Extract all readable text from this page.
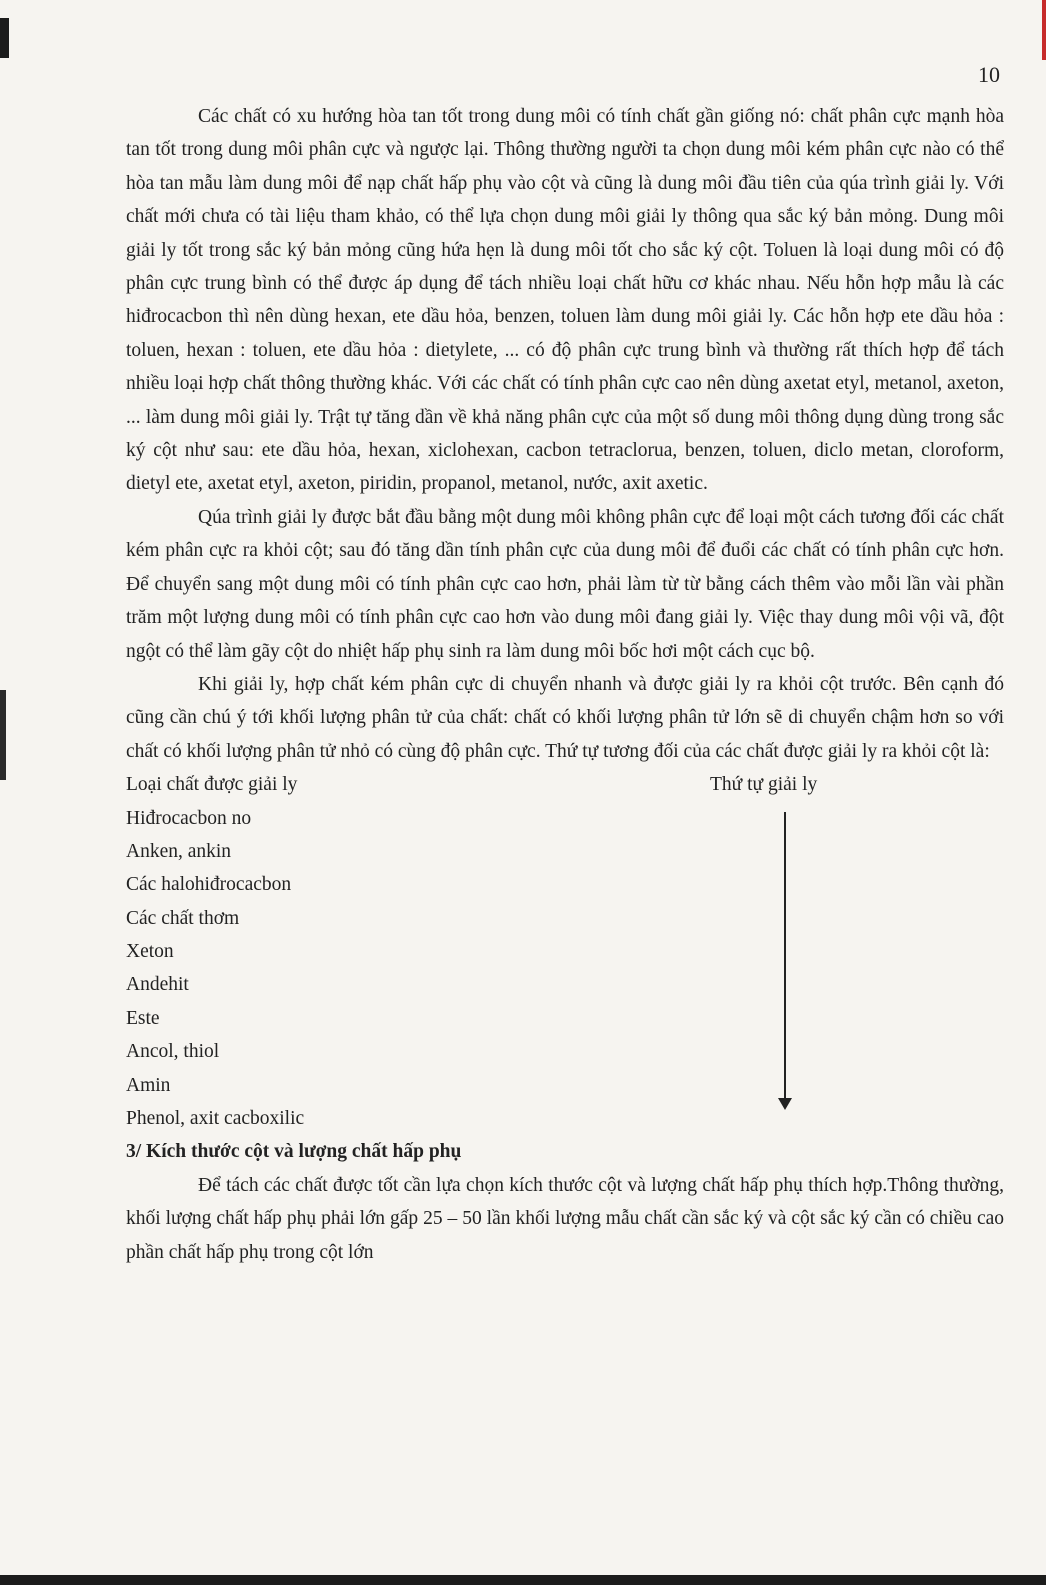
10

Các chất có xu hướng hòa tan tốt trong dung môi có tính chất gần giống nó: chất phân cực mạnh hòa tan tốt trong dung môi phân cực và ngược lại. Thông thường người ta chọn dung môi kém phân cực nào có thể hòa tan mẫu làm dung môi để nạp chất hấp phụ vào cột và cũng là dung môi đầu tiên của qúa trình giải ly. Với chất mới chưa có tài liệu tham khảo, có thể lựa chọn dung môi giải ly thông qua sắc ký bản mỏng. Dung môi giải ly tốt trong sắc ký bản mỏng cũng hứa hẹn là dung môi tốt cho sắc ký cột. Toluen là loại dung môi có độ phân cực trung bình có thể được áp dụng để tách nhiều loại chất hữu cơ khác nhau. Nếu hỗn hợp mẫu là các hiđrocacbon thì nên dùng hexan, ete dầu hỏa, benzen, toluen làm dung môi giải ly. Các hỗn hợp ete dầu hỏa : toluen, hexan : toluen, ete dầu hỏa : dietylete, ... có độ phân cực trung bình và thường rất thích hợp để tách nhiều loại hợp chất thông thường khác. Với các chất có tính phân cực cao nên dùng axetat etyl, metanol, axeton, ... làm dung môi giải ly. Trật tự tăng dần về khả năng phân cực của một số dung môi thông dụng dùng trong sắc ký cột như sau: ete dầu hỏa, hexan, xiclohexan, cacbon tetraclorua, benzen, toluen, diclo metan, cloroform, dietyl ete, axetat etyl, axeton, piridin, propanol, metanol, nước, axit axetic.

Qúa trình giải ly được bắt đầu bằng một dung môi không phân cực để loại một cách tương đối các chất kém phân cực ra khỏi cột; sau đó tăng dần tính phân cực của dung môi để đuổi các chất có tính phân cực hơn. Để chuyển sang một dung môi có tính phân cực cao hơn, phải làm từ từ bằng cách thêm vào mỗi lần vài phần trăm một lượng dung môi có tính phân cực cao hơn vào dung môi đang giải ly. Việc thay dung môi vội vã, đột ngột có thể làm gãy cột do nhiệt hấp phụ sinh ra làm dung môi bốc hơi một cách cục bộ.

Khi giải ly, hợp chất kém phân cực di chuyển nhanh và được giải ly ra khỏi cột trước. Bên cạnh đó cũng cần chú ý tới khối lượng phân tử của chất: chất có khối lượng phân tử lớn sẽ di chuyển chậm hơn so với chất có khối lượng phân tử nhỏ có cùng độ phân cực. Thứ tự tương đối của các chất được giải ly ra khỏi cột là:

Loại chất được giải ly	Thứ tự giải ly
Hiđrocacbon no
Anken, ankin
Các halohiđrocacbon
Các chất thơm
Xeton
Andehit
Este
Ancol, thiol
Amin
Phenol, axit cacboxilic
3/ Kích thước cột và lượng chất hấp phụ

Để tách các chất được tốt cần lựa chọn kích thước cột và lượng chất hấp phụ thích hợp.Thông thường, khối lượng chất hấp phụ phải lớn gấp 25 – 50 lần khối lượng mẫu chất cần sắc ký và cột sắc ký cần có chiều cao phần chất hấp phụ trong cột lớn
